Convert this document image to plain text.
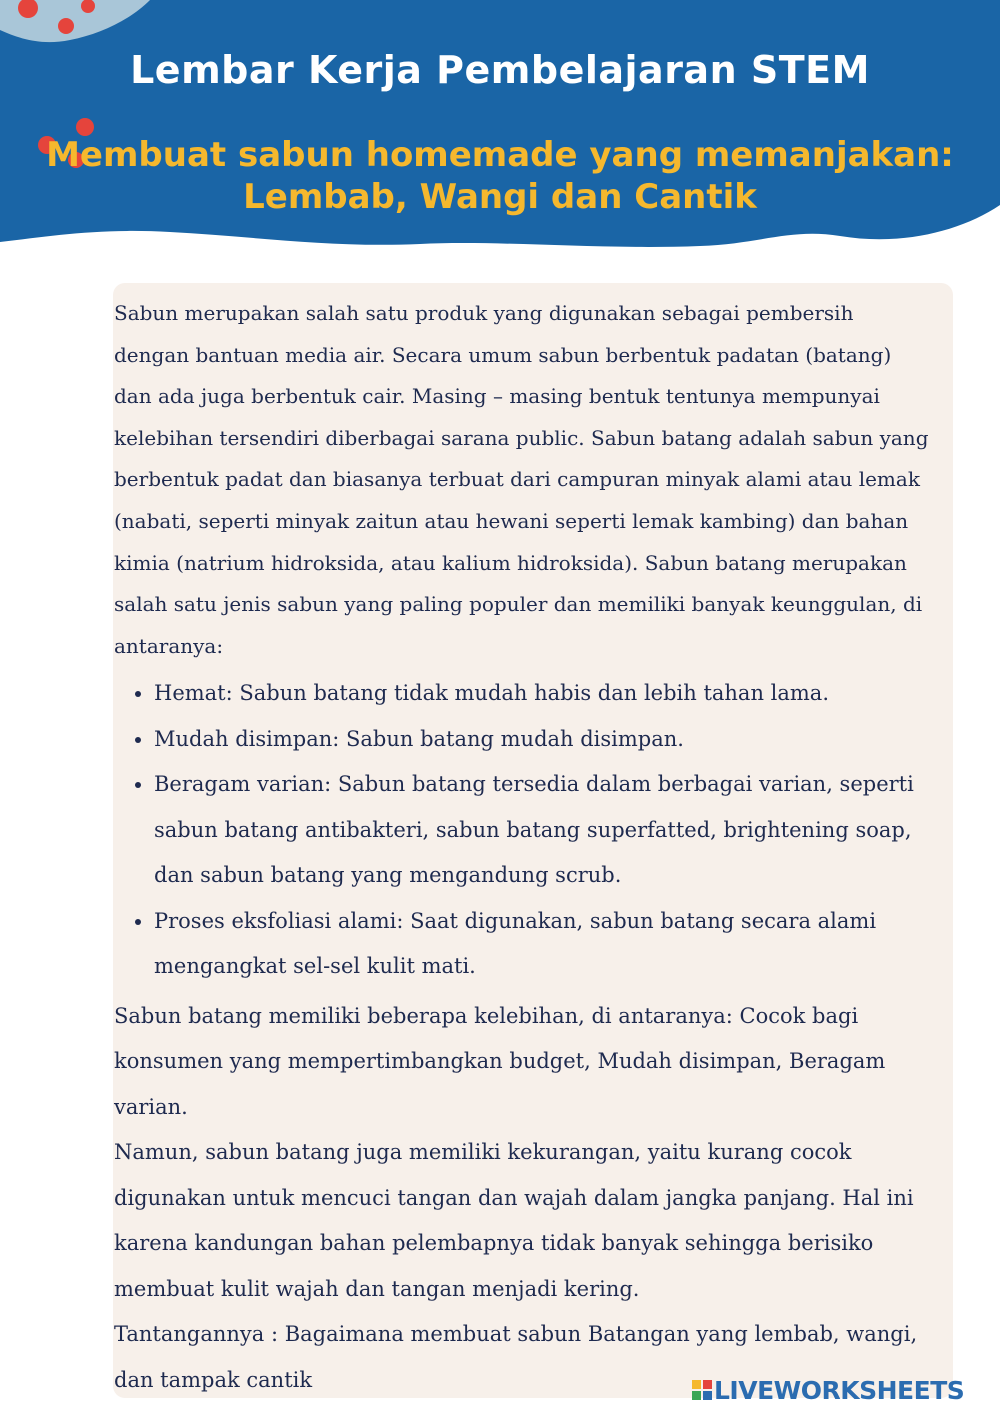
Lembar Kerja Pembelajaran STEM
Membuat sabun homemade yang memanjakan: Lembab, Wangi dan Cantik

Sabun merupakan salah satu produk yang digunakan sebagai pembersih dengan bantuan media air. Secara umum sabun berbentuk padatan (batang) dan ada juga berbentuk cair. Masing – masing bentuk tentunya mempunyai kelebihan tersendiri diberbagai sarana public. Sabun batang adalah sabun yang berbentuk padat dan biasanya terbuat dari campuran minyak alami atau lemak (nabati, seperti minyak zaitun atau hewani seperti lemak kambing) dan bahan kimia (natrium hidroksida, atau kalium hidroksida). Sabun batang merupakan salah satu jenis sabun yang paling populer dan memiliki banyak keunggulan, di antaranya:

• Hemat: Sabun batang tidak mudah habis dan lebih tahan lama.
• Mudah disimpan: Sabun batang mudah disimpan.
• Beragam varian: Sabun batang tersedia dalam berbagai varian, seperti sabun batang antibakteri, sabun batang superfatted, brightening soap, dan sabun batang yang mengandung scrub.
• Proses eksfoliasi alami: Saat digunakan, sabun batang secara alami mengangkat sel-sel kulit mati.

Sabun batang memiliki beberapa kelebihan, di antaranya: Cocok bagi konsumen yang mempertimbangkan budget, Mudah disimpan, Beragam varian.

Namun, sabun batang juga memiliki kekurangan, yaitu kurang cocok digunakan untuk mencuci tangan dan wajah dalam jangka panjang. Hal ini karena kandungan bahan pelembapnya tidak banyak sehingga berisiko membuat kulit wajah dan tangan menjadi kering.

Tantangannya : Bagaimana membuat sabun Batangan yang lembab, wangi, dan tampak cantik	LIVEWORKSHEETS
